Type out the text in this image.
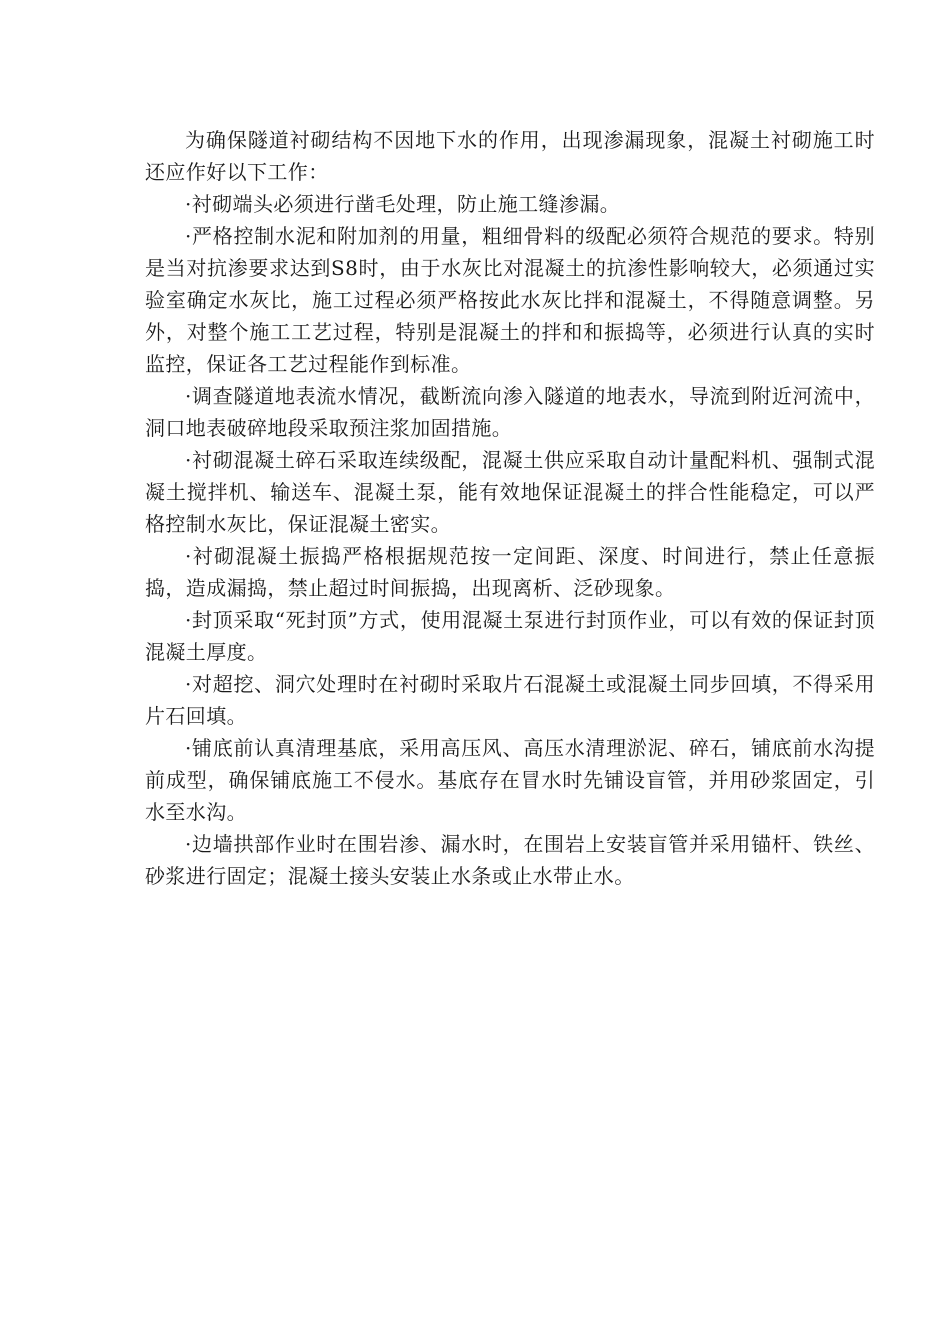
为确保隧道衬砌结构不因地下水的作用，出现渗漏现象，混凝土衬砌施工时 还应作好以下工作：

·衬砌端头必须进行凿毛处理，防止施工缝渗漏。

·严格控制水泥和附加剂的用量，粗细骨料的级配必须符合规范的要求。特别是当对抗渗要求达到S8时，由于水灰比对混凝土的抗渗性影响较大，必须通过实验室确定水灰比，施工过程必须严格按此水灰比拌和混凝土，不得随意调整。另外，对整个施工工艺过程，特别是混凝土的拌和和振捣等，必须进行认真的实时监控，保证各工艺过程能作到标准。

·调查隧道地表流水情况，截断流向渗入隧道的地表水，导流到附近河流中，洞口地表破碎地段采取预注浆加固措施。

·衬砌混凝土碎石采取连续级配，混凝土供应采取自动计量配料机、强制式混凝土搅拌机、输送车、混凝土泵，能有效地保证混凝土的拌合性能稳定，可以严格控制水灰比，保证混凝土密实。

·衬砌混凝土振捣严格根据规范按一定间距、深度、时间进行，禁止任意振捣，造成漏捣，禁止超过时间振捣，出现离析、泛砂现象。

·封顶采取“死封顶”方式，使用混凝土泵进行封顶作业，可以有效的保证封顶混凝土厚度。

·对超挖、洞穴处理时在衬砌时采取片石混凝土或混凝土同步回填，不得采用片石回填。

·铺底前认真清理基底，采用高压风、高压水清理淤泥、碎石，铺底前水沟提前成型，确保铺底施工不侵水。基底存在冒水时先铺设盲管，并用砂浆固定，引水至水沟。

·边墙拱部作业时在围岩渗、漏水时，在围岩上安装盲管并采用锚杆、铁丝、砂浆进行固定；混凝土接头安装止水条或止水带止水。
